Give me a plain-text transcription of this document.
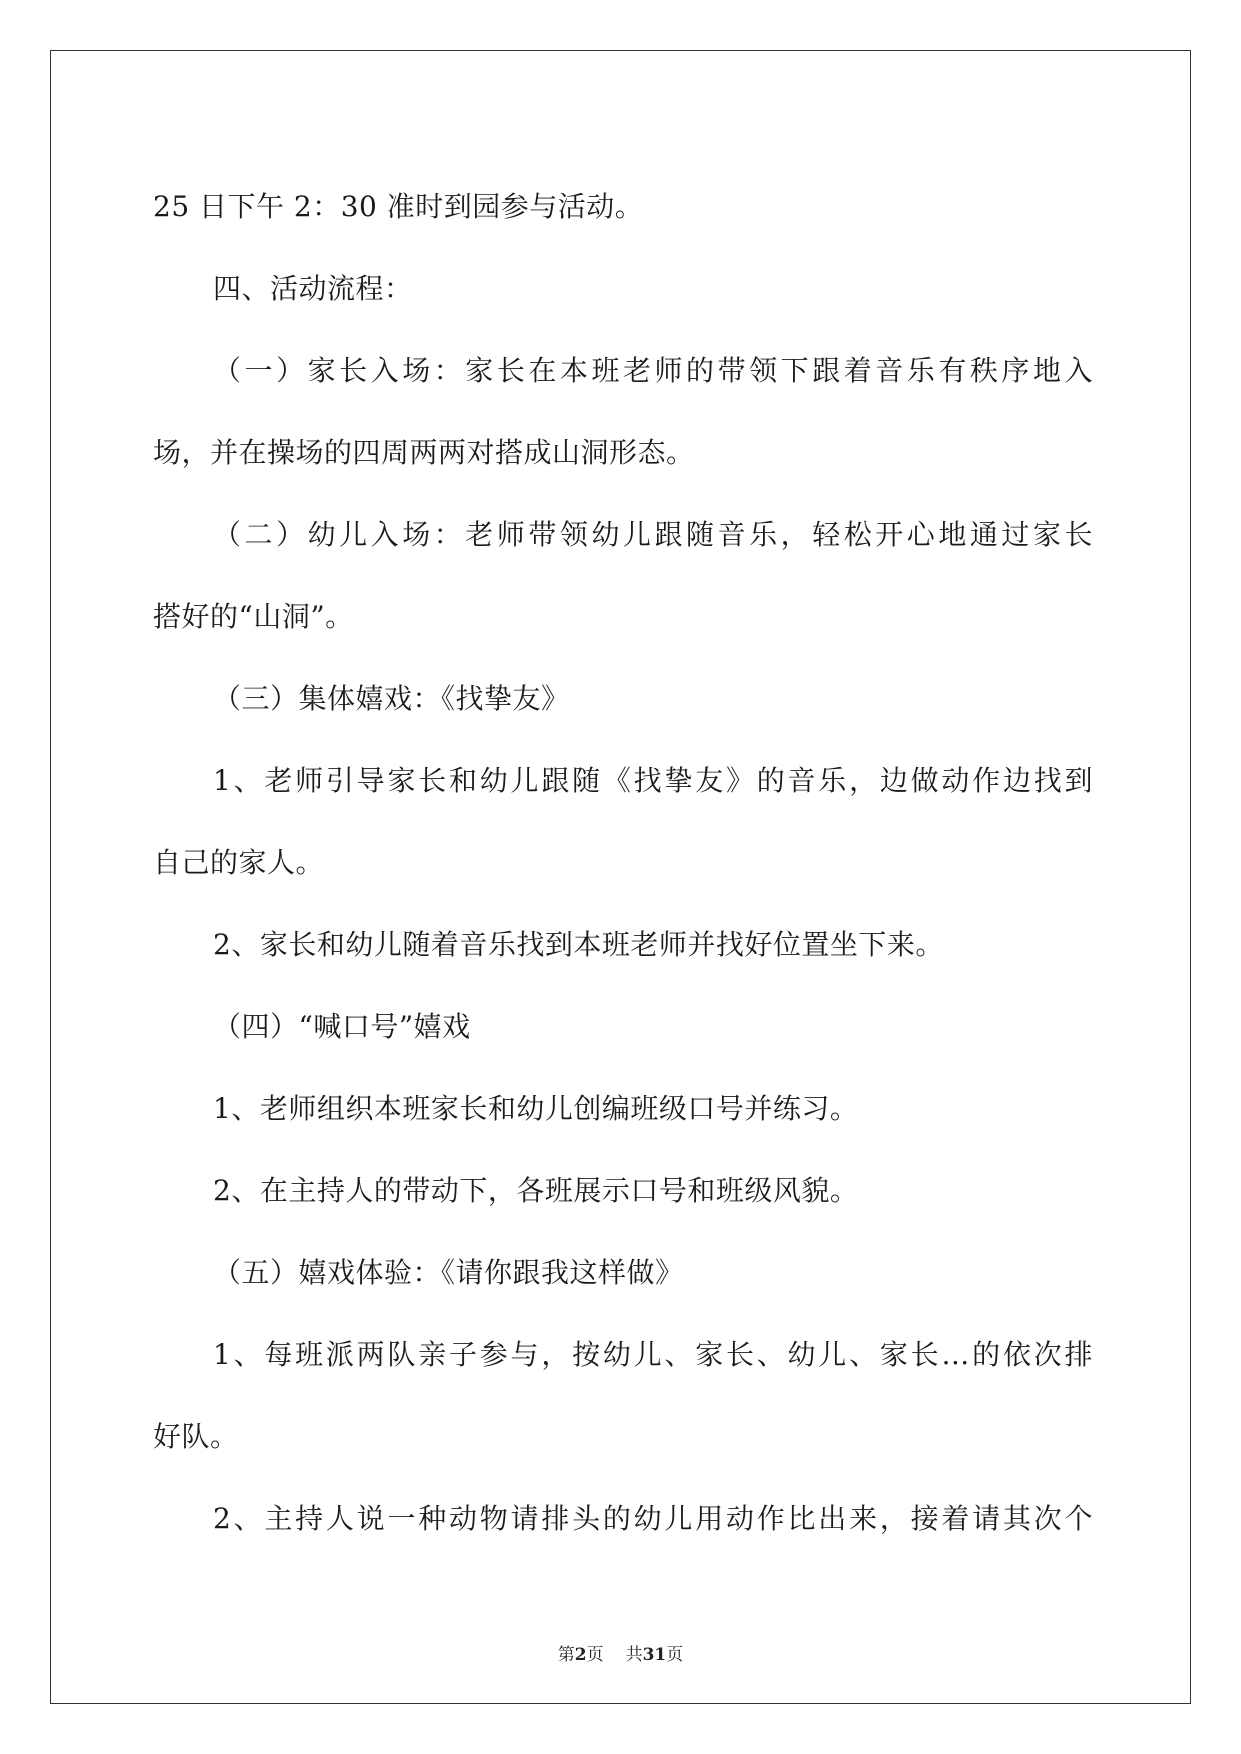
25 日下午 2：30 准时到园参与活动。

四、活动流程：

（一）家长入场：家长在本班老师的带领下跟着音乐有秩序地入

场，并在操场的四周两两对搭成山洞形态。

（二）幼儿入场：老师带领幼儿跟随音乐，轻松开心地通过家长

搭好的“山洞”。

（三）集体嬉戏：《找挚友》

1、老师引导家长和幼儿跟随《找挚友》的音乐，边做动作边找到

自己的家人。

2、家长和幼儿随着音乐找到本班老师并找好位置坐下来。

（四）“喊口号”嬉戏

1、老师组织本班家长和幼儿创编班级口号并练习。

2、在主持人的带动下，各班展示口号和班级风貌。

（五）嬉戏体验：《请你跟我这样做》

1、每班派两队亲子参与，按幼儿、家长、幼儿、家长…的依次排

好队。

2、主持人说一种动物请排头的幼儿用动作比出来，接着请其次个

第2页 共31页
